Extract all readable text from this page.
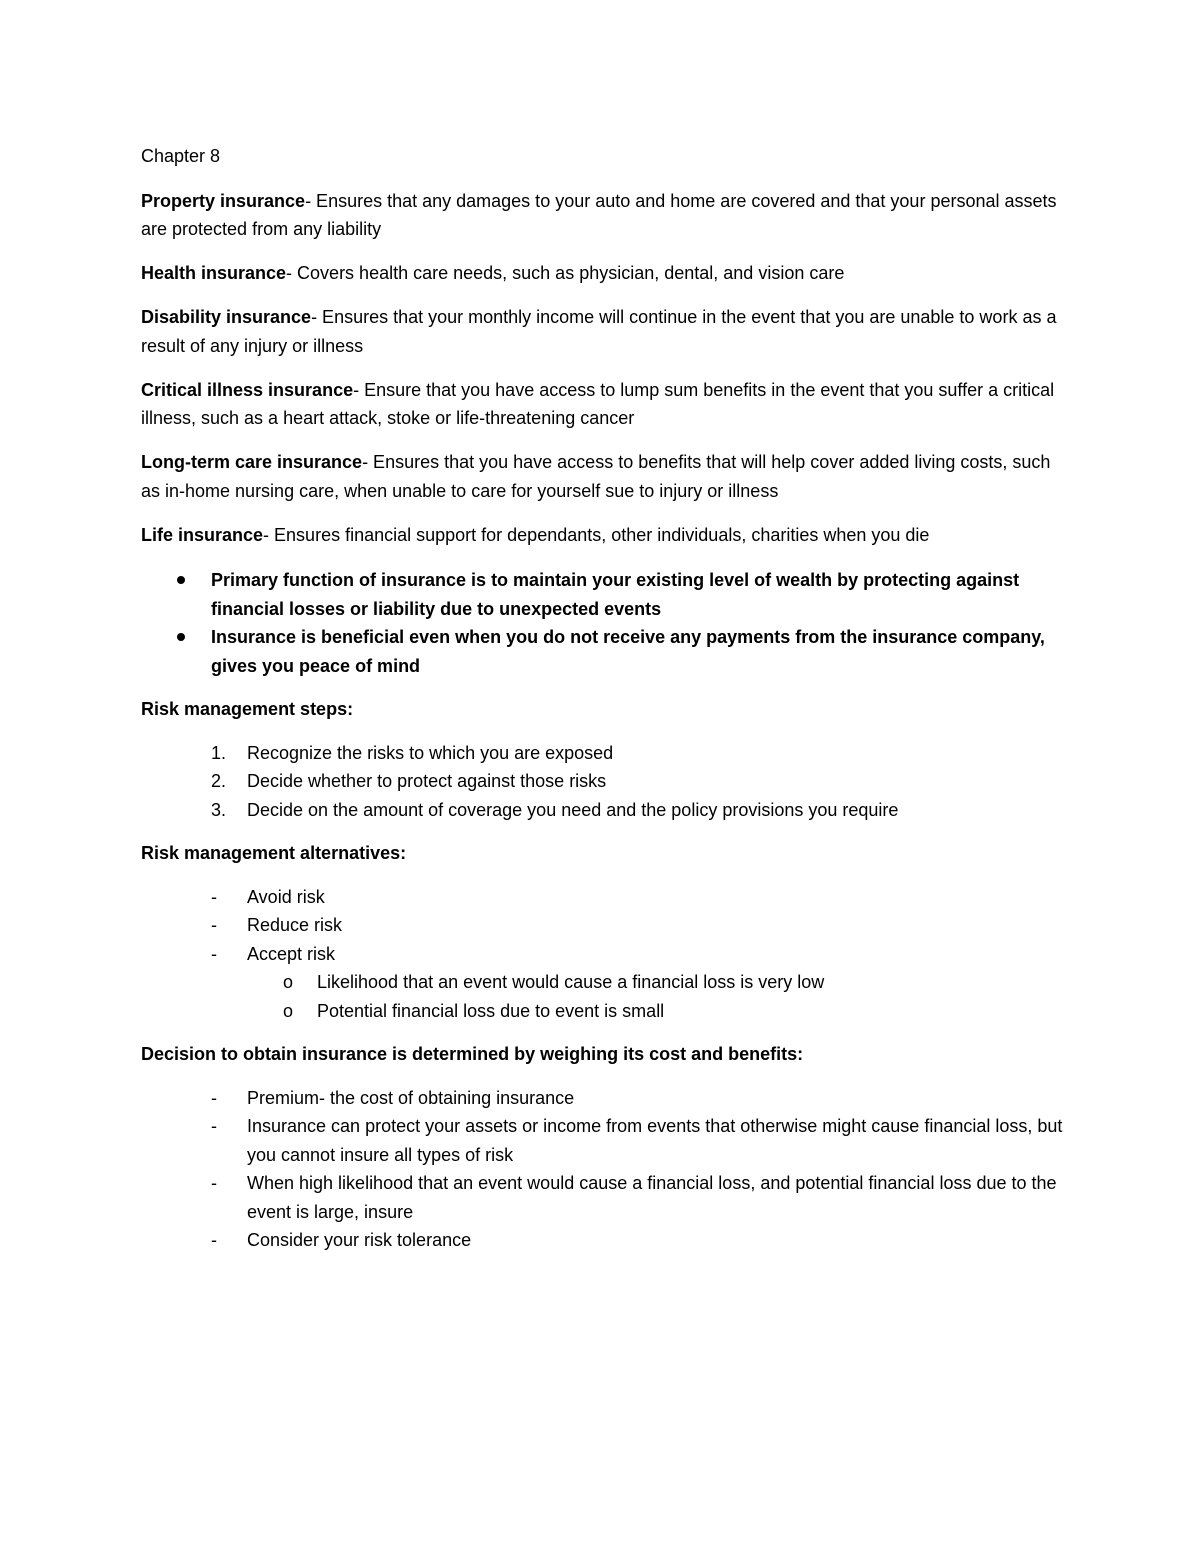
Chapter 8

Property insurance- Ensures that any damages to your auto and home are covered and that your personal assets are protected from any liability

Health insurance- Covers health care needs, such as physician, dental, and vision care

Disability insurance- Ensures that your monthly income will continue in the event that you are unable to work as a result of any injury or illness

Critical illness insurance- Ensure that you have access to lump sum benefits in the event that you suffer a critical illness, such as a heart attack, stoke or life-threatening cancer

Long-term care insurance- Ensures that you have access to benefits that will help cover added living costs, such as in-home nursing care, when unable to care for yourself sue to injury or illness

Life insurance- Ensures financial support for dependants, other individuals, charities when you die

Primary function of insurance is to maintain your existing level of wealth by protecting against financial losses or liability due to unexpected events
Insurance is beneficial even when you do not receive any payments from the insurance company, gives you peace of mind

Risk management steps:

1. Recognize the risks to which you are exposed
2. Decide whether to protect against those risks
3. Decide on the amount of coverage you need and the policy provisions you require

Risk management alternatives:

- Avoid risk
- Reduce risk
- Accept risk
o Likelihood that an event would cause a financial loss is very low
o Potential financial loss due to event is small

Decision to obtain insurance is determined by weighing its cost and benefits:

- Premium- the cost of obtaining insurance
- Insurance can protect your assets or income from events that otherwise might cause financial loss, but you cannot insure all types of risk
- When high likelihood that an event would cause a financial loss, and potential financial loss due to the event is large, insure
- Consider your risk tolerance
